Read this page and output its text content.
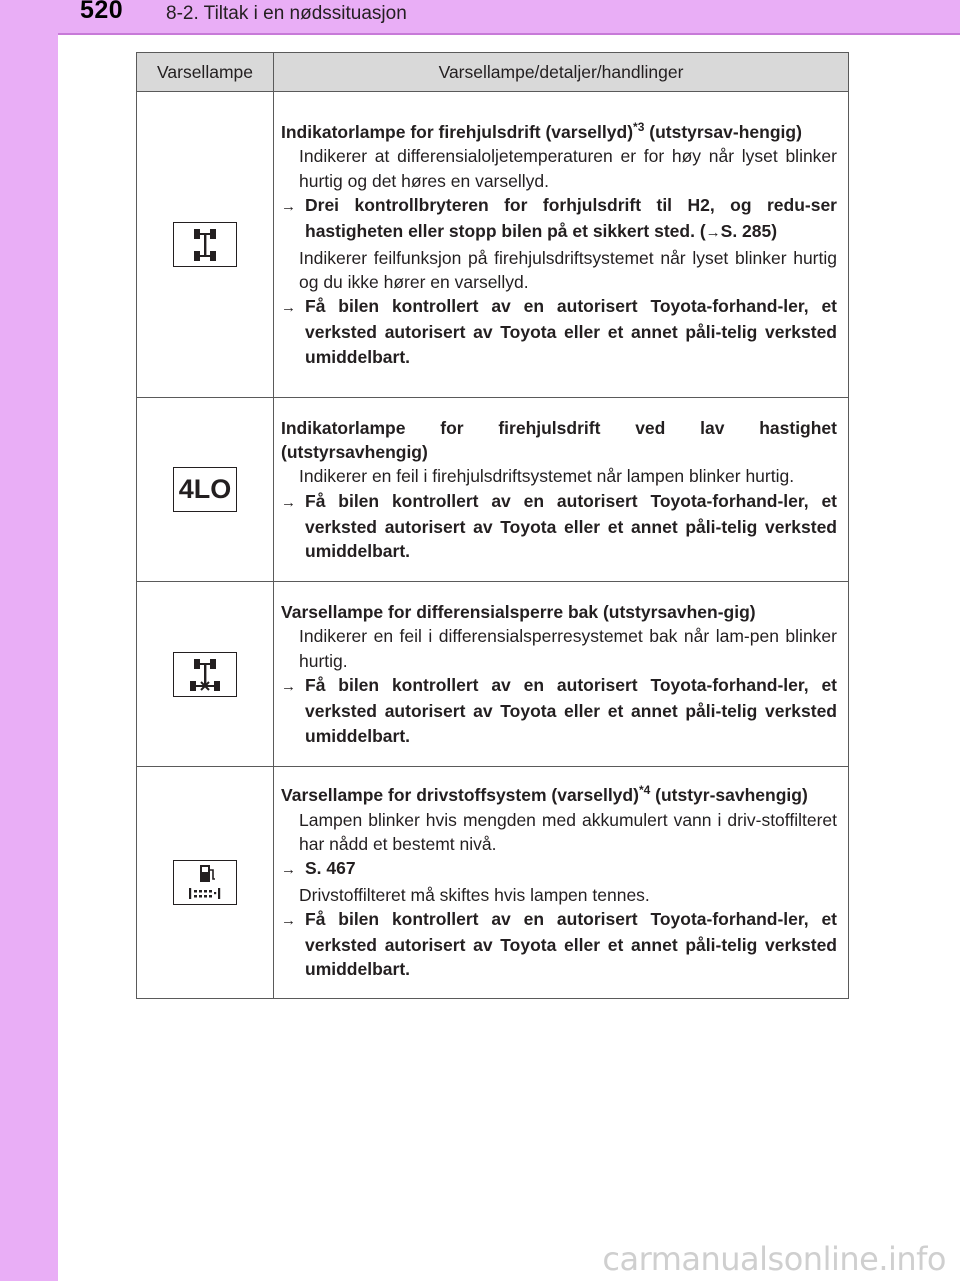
520 8-2. Tiltak i en nødssituasjon
Varsellampe	Varsellampe/detaljer/handlinger

Indikatorlampe for firehjulsdrift (varsellyd)$^{*3}$ (utstyrsav-hengig)

Indikerer at differensialoljetemperaturen er for høy når lyset blinker hurtig og det høres en varsellyd.

→ Drei kontrollbryteren for forhjulsdrift til H2, og redu-ser hastigheten eller stopp bilen på et sikkert sted. (→S. 285)

Indikerer feilfunksjon på firehjulsdriftsystemet når lyset blinker hurtig og du ikke hører en varsellyd.

→ Få bilen kontrollert av en autorisert Toyota-forhand-ler, et verksted autorisert av Toyota eller et annet påli-telig verksted umiddelbart.

4LO	Indikatorlampe for firehjulsdrift ved lav hastighet (utstyrsavhengig)

Indikerer en feil i firehjulsdriftsystemet når lampen blinker hurtig.

→ Få bilen kontrollert av en autorisert Toyota-forhand-ler, et verksted autorisert av Toyota eller et annet påli-telig verksted umiddelbart.

Varsellampe for differensialsperre bak (utstyrsavhen-gig)

Indikerer en feil i differensialsperresystemet bak når lam-pen blinker hurtig.

→ Få bilen kontrollert av en autorisert Toyota-forhand-ler, et verksted autorisert av Toyota eller et annet påli-telig verksted umiddelbart.

Varsellampe for drivstoffsystem (varsellyd)$^{*4}$ (utstyr-savhengig)

Lampen blinker hvis mengden med akkumulert vann i driv-stoffilteret har nådd et bestemt nivå.

→ S. 467

Drivstoffilteret må skiftes hvis lampen tennes.

→ Få bilen kontrollert av en autorisert Toyota-forhand-ler, et verksted autorisert av Toyota eller et annet påli-telig verksted umiddelbart.

carmanualsonline.info
